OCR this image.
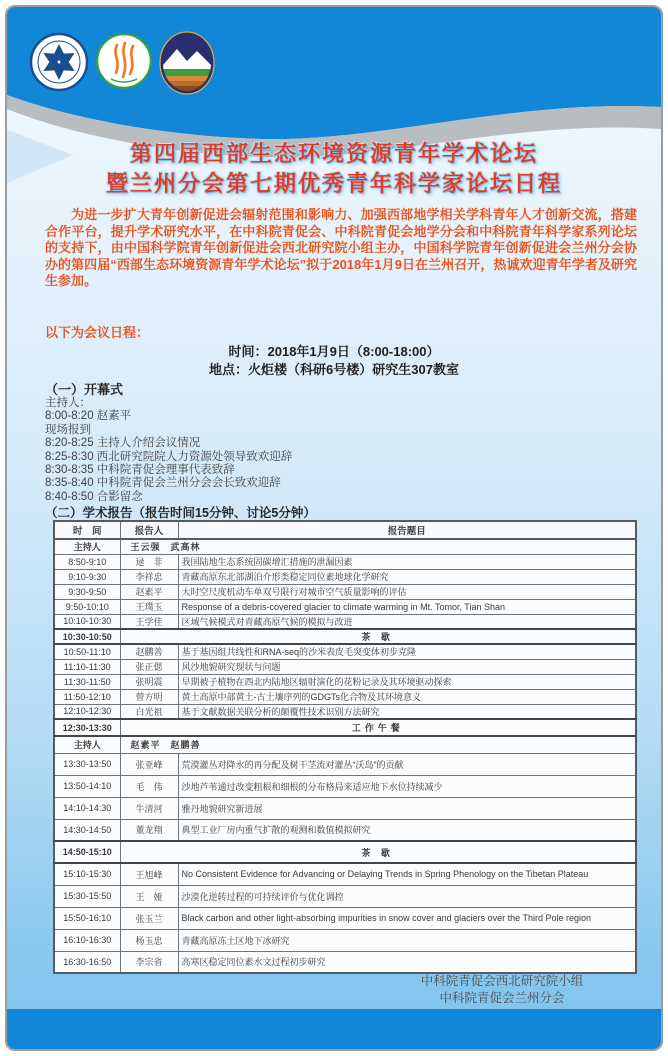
第四届西部生态环境资源青年学术论坛
暨兰州分会第七期优秀青年科学家论坛日程
为进一步扩大青年创新促进会辐射范围和影响力、加强西部地学相关学科青年人才创新交流，搭建合作平台，提升学术研究水平，在中科院青促会、中科院青促会地学分会和中科院青年科学家系列论坛的支持下，由中国科学院青年创新促进会西北研究院小组主办，中国科学院青年创新促进会兰州分会协办的第四届“西部生态环境资源青年学术论坛”拟于2018年1月9日在兰州召开，热诚欢迎青年学者及研究生参加。
以下为会议日程：
时间：2018年1月9日（8:00-18:00）
地点：火炬楼（科研6号楼）研究生307教室
（一）开幕式
主持人：
8:00-8:20 赵素平
现场报到
8:20-8:25 主持人介绍会议情况
8:25-8:30 西北研究院院人力资源处领导致欢迎辞
8:30-8:35 中科院青促会理事代表致辞
8:35-8:40 中科院青促会兰州分会会长致欢迎辞
8:40-8:50 合影留念
（二）学术报告（报告时间15分钟、讨论5分钟）
时　间	报告人	报告题目
主持人	王云强　武高林	
8:50-9:10	逯　非	我国陆地生态系统固碳增汇措施的泄漏因素
9:10-9:30	李祥忠	青藏高原东北部湖泊介形类稳定同位素地球化学研究
9:30-9:50	赵素平	大时空尺度机动车单双号限行对城市空气质量影响的评估
9:50-10:10	王璞玉	Response of a debris-covered glacier to climate warming in Mt. Tomor, Tian Shan
10:10-10:30	王学佳	区域气候模式对青藏高原气候的模拟与改进
10:30-10:50	茶 歇	
10:50-11:10	赵鹏善	基于基因组共线性和RNA-seq的沙米表皮毛突变体初步克隆
11:10-11:30	张正偲	风沙地貌研究现状与问题
11:30-11:50	张明震	早期被子植物在西北内陆地区辐射演化的花粉记录及其环境驱动探索
11:50-12:10	曾方明	黄土高原中部黄土-古土壤序列的GDGTs化合物及其环境意义
12:10-12:30	白光祖	基于文献数据关联分析的颠覆性技术识别方法研究
12:30-13:30	工作午餐	
主持人	赵素平　赵鹏善	
13:30-13:50	张亚峰	荒漠灌丛对降水的再分配及树干茎流对灌丛“沃岛”的贡献
13:50-14:10	毛　伟	沙地芦苇通过改变粗根和细根的分布格局来适应地下水位持续减少
14:10-14:30	牛清河	雅丹地貌研究新进展
14:30-14:50	董龙翔	典型工业厂房内重气扩散的观测和数值模拟研究
14:50-15:10	茶 歇	
15:10-15:30	王旭峰	No Consistent Evidence for Advancing or Delaying Trends in Spring Phenology on the Tibetan Plateau
15:30-15:50	王　娅	沙漠化逆转过程的可持续评价与优化调控
15:50-16:10	张玉兰	Black carbon and other light-absorbing impurities in snow cover and glaciers over the Third Pole region
16:10-16:30	杨玉忠	青藏高原冻土区地下冰研究
16:30-16:50	李宗省	高寒区稳定同位素水文过程初步研究
中科院青促会西北研究院小组
中科院青促会兰州分会
